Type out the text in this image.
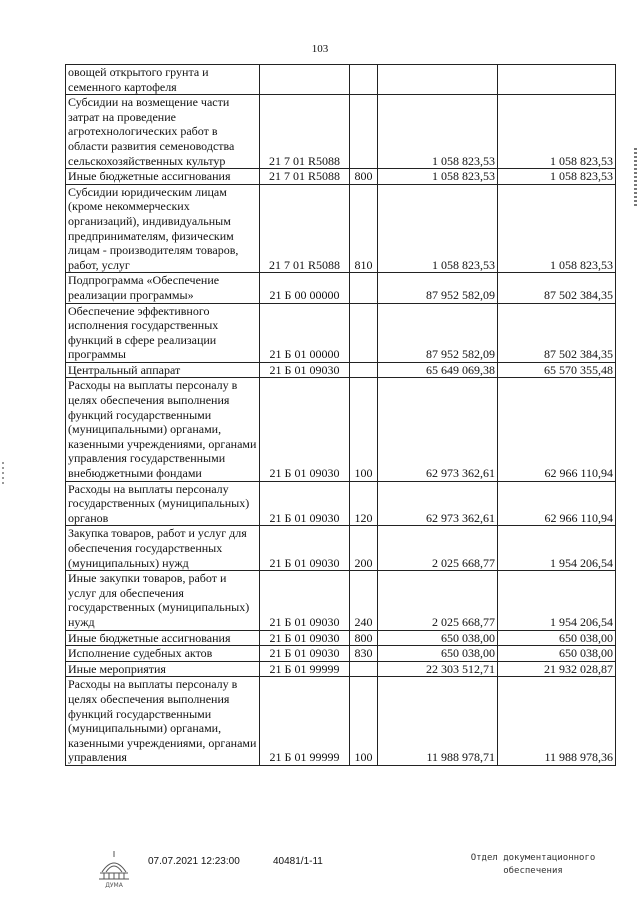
103
овощей открытого грунта и семенного картофеля				
Субсидии на возмещение части затрат на проведение агротехнологических работ в области развития семеноводства сельскохозяйственных культур	21 7 01 R5088		1 058 823,53	1 058 823,53
Иные бюджетные ассигнования	21 7 01 R5088	800	1 058 823,53	1 058 823,53
Субсидии юридическим лицам (кроме некоммерческих организаций), индивидуальным предпринимателям, физическим лицам - производителям товаров, работ, услуг	21 7 01 R5088	810	1 058 823,53	1 058 823,53
Подпрограмма «Обеспечение реализации программы»	21 Б 00 00000		87 952 582,09	87 502 384,35
Обеспечение эффективного исполнения государственных функций в сфере реализации программы	21 Б 01 00000		87 952 582,09	87 502 384,35
Центральный аппарат	21 Б 01 09030		65 649 069,38	65 570 355,48
Расходы на выплаты персоналу в целях обеспечения выполнения функций государственными (муниципальными) органами, казенными учреждениями, органами управления государственными внебюджетными фондами	21 Б 01 09030	100	62 973 362,61	62 966 110,94
Расходы на выплаты персоналу государственных (муниципальных) органов	21 Б 01 09030	120	62 973 362,61	62 966 110,94
Закупка товаров, работ и услуг для обеспечения государственных (муниципальных) нужд	21 Б 01 09030	200	2 025 668,77	1 954 206,54
Иные закупки товаров, работ и услуг для обеспечения государственных (муниципальных) нужд	21 Б 01 09030	240	2 025 668,77	1 954 206,54
Иные бюджетные ассигнования	21 Б 01 09030	800	650 038,00	650 038,00
Исполнение судебных актов	21 Б 01 09030	830	650 038,00	650 038,00
Иные мероприятия	21 Б 01 99999		22 303 512,71	21 932 028,87
Расходы на выплаты персоналу в целях обеспечения выполнения функций государственными (муниципальными) органами, казенными учреждениями, органами управления	21 Б 01 99999	100	11 988 978,71	11 988 978,36
ДУМА
07.07.2021 12:23:00	40481/1-11	Отдел документационного обеспечения
